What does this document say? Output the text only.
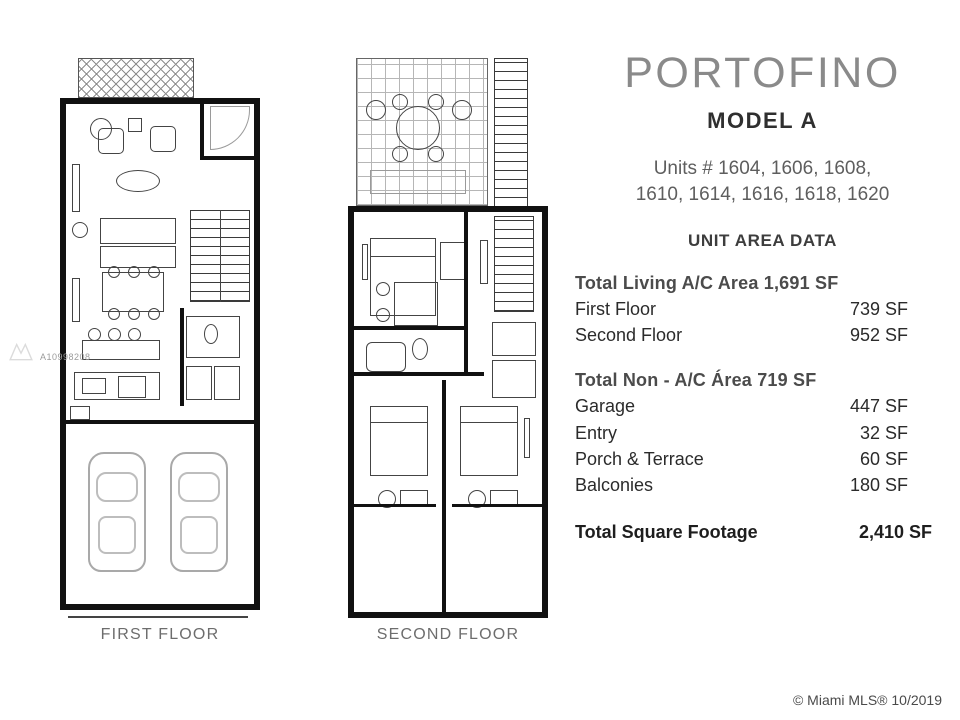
FIRST FLOOR	SECOND FLOOR
A10998208
PORTOFINO
MODEL A
Units # 1604, 1606, 1608,
1610, 1614, 1616, 1618, 1620
UNIT AREA DATA
Total Living A/C Area 1,691 SF
First Floor	739 SF
Second Floor	952 SF
Total Non - A/C Área 719 SF
Garage	447 SF
Entry	32 SF
Porch & Terrace	60 SF
Balconies	180 SF
Total Square Footage	2,410 SF
© Miami MLS® 10/2019
